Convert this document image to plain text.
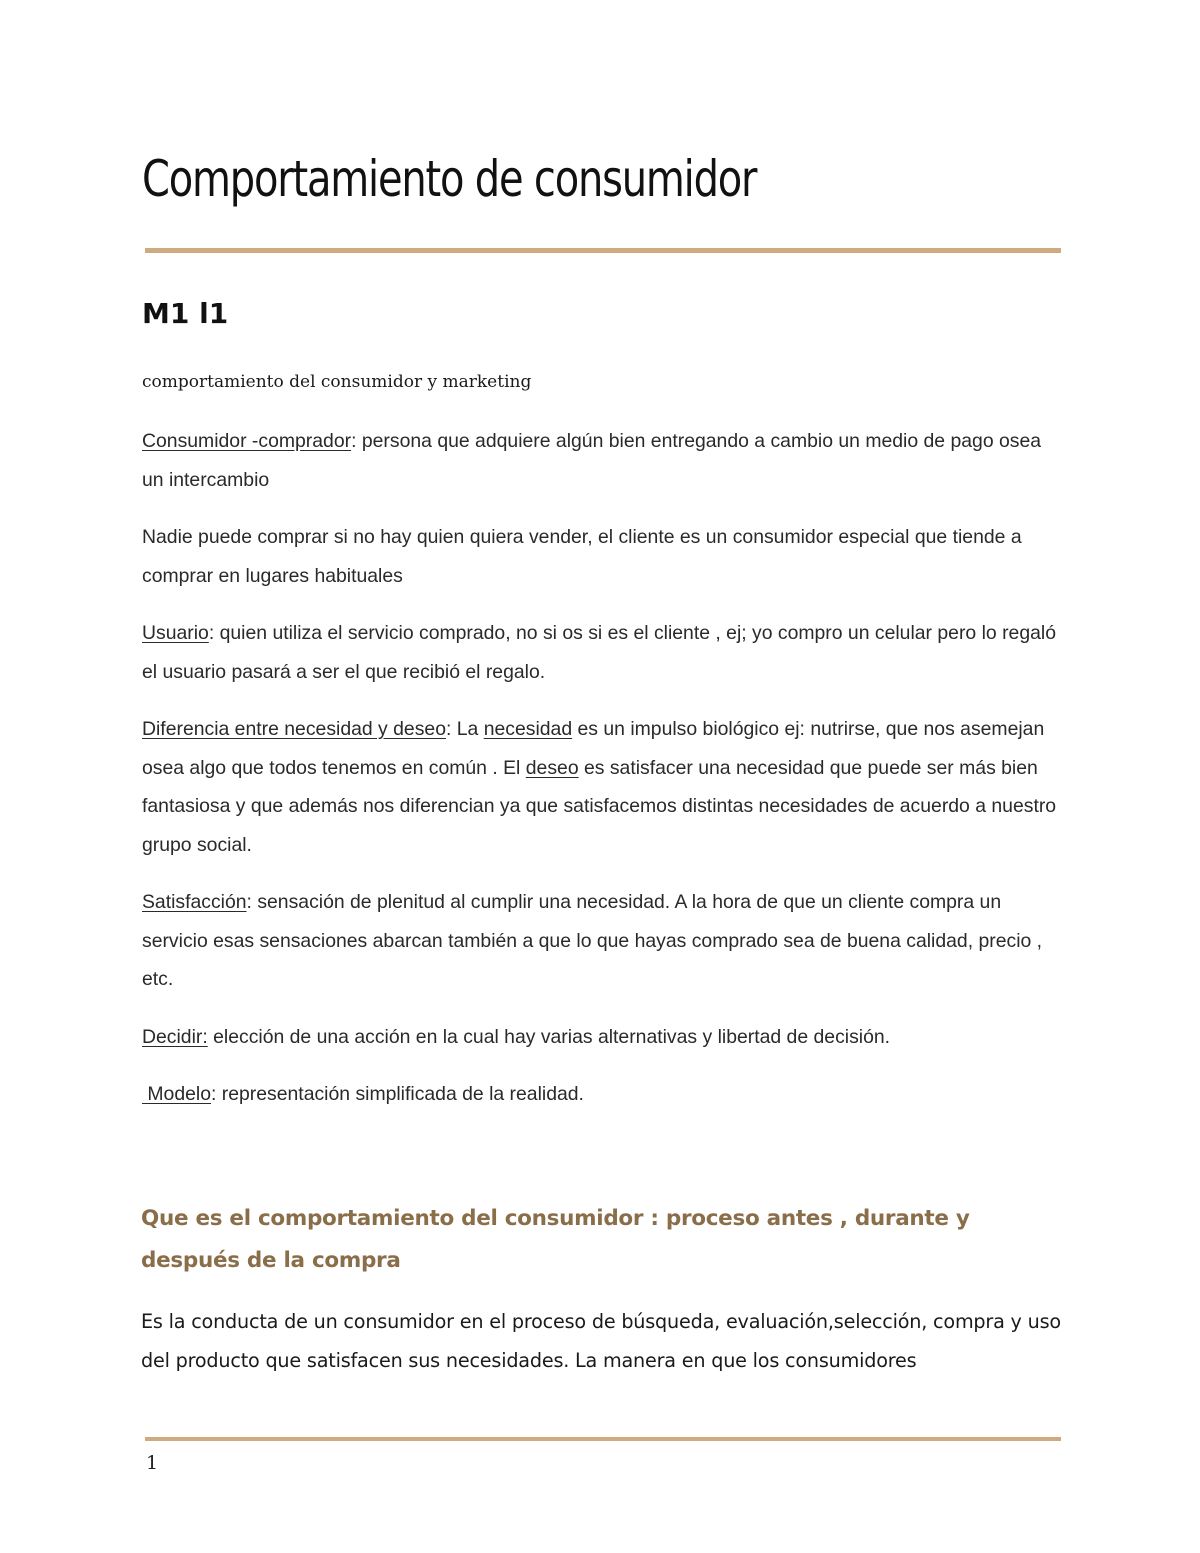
Comportamiento de consumidor
M1 l1

comportamiento del consumidor y marketing

Consumidor -comprador: persona que adquiere algún bien entregando a cambio un medio de pago osea un intercambio

Nadie puede comprar si no hay quien quiera vender, el cliente es un consumidor especial que tiende a comprar en lugares habituales

Usuario: quien utiliza el servicio comprado, no si os si es el cliente , ej; yo compro un celular pero lo regaló el usuario pasará a ser el que recibió el regalo.

Diferencia entre necesidad y deseo: La necesidad es un impulso biológico ej: nutrirse, que nos asemejan osea algo que todos tenemos en común . El deseo es satisfacer una necesidad que puede ser más bien fantasiosa y que además nos diferencian ya que satisfacemos distintas necesidades de acuerdo a nuestro grupo social.

Satisfacción: sensación de plenitud al cumplir una necesidad. A la hora de que un cliente compra un servicio esas sensaciones abarcan también a que lo que hayas comprado sea de buena calidad, precio , etc.

Decidir: elección de una acción en la cual hay varias alternativas y libertad de decisión.

Modelo: representación simplificada de la realidad.

Que es el comportamiento del consumidor : proceso antes , durante y después de la compra

Es la conducta de un consumidor en el proceso de búsqueda, evaluación,selección, compra y uso del producto que satisfacen sus necesidades. La manera en que los consumidores

1
